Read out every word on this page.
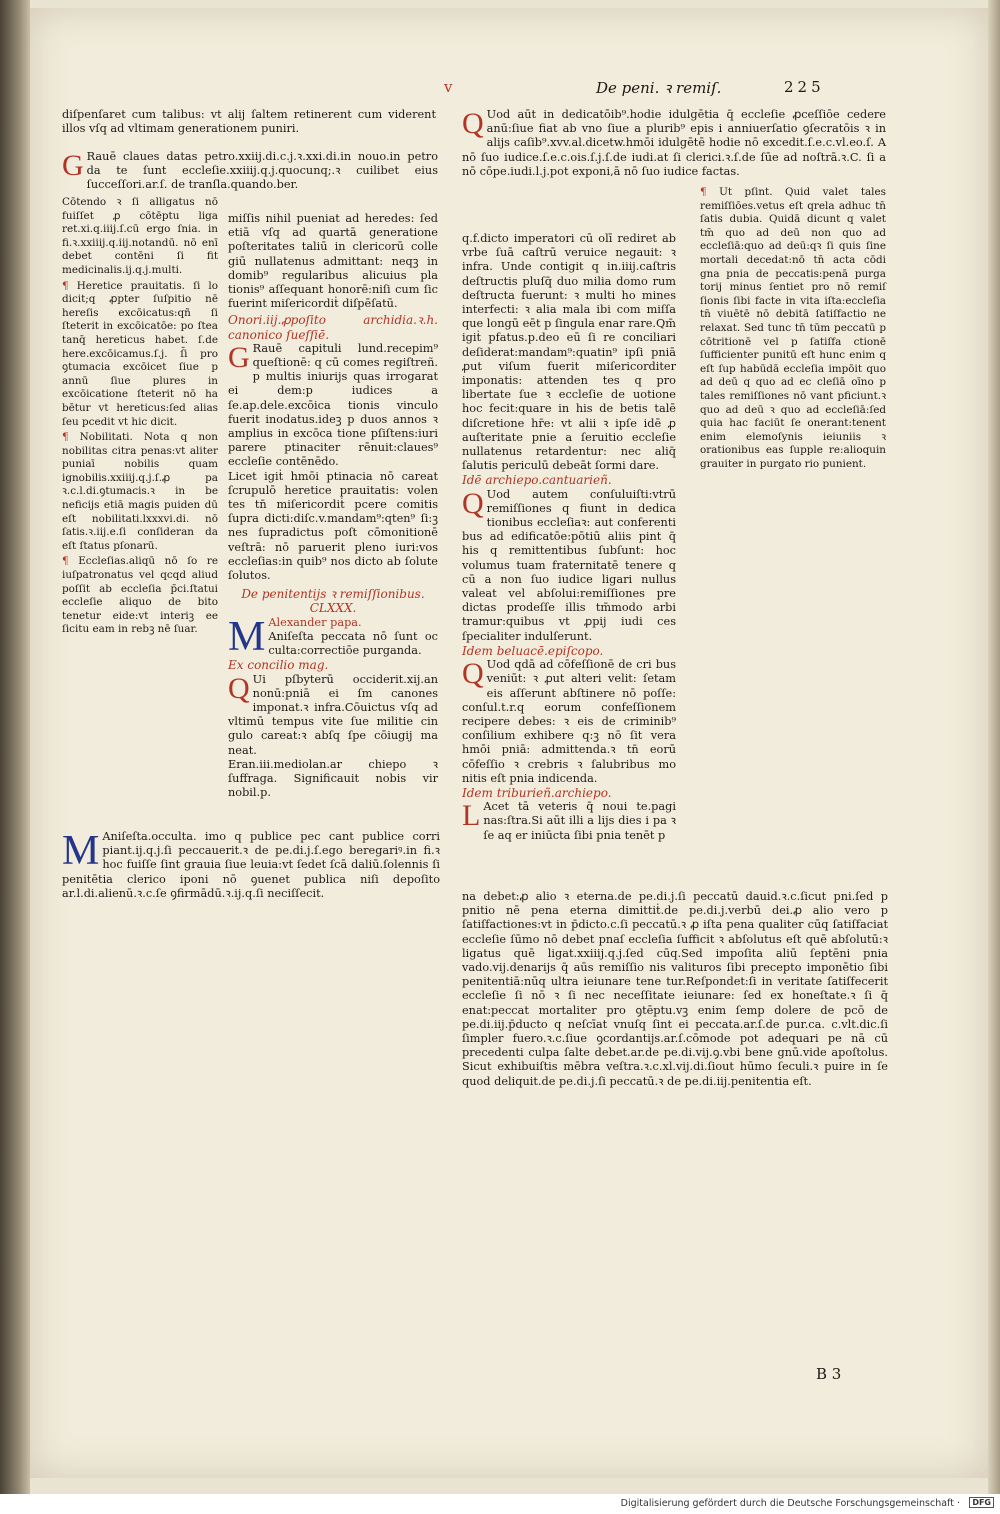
v	De peni. ꝛ remiſ.	225

diſpenſaret cum talibus: vt alij ſaltem retinerent cum viderent illos vſq ad vltimam generationem puniri.

G Rauē claues datas petro.xxiij.di.c.j.ꝛ.xxi.di.in nouo.in petro da te ſunt eccleſie.xxiiij.q.j.quocunq;.ꝛ cuilibet eius ſucceſſori.ar.ſ. de tranſla.quando.ber.

Cōtendo ꝛ ſi alligatus nō fuiſſet ꝓ cōtēptu liga ret.xi.q.iiij.ſ.cū ergo ſnia. in fi.ꝛ.xxiiij.q.iij.notandū. nō enī debet contēni ſi fit medicinalis.ij.q.j.multi.

¶ Heretice prauitatis. ſi lo dicit;q ꝓpter ſuſpitio nē hereſis excōicatus:qñ ſi ſteterit in excōicatōe: po ſtea tanq̄ hereticus habet. ſ.de here.excōicamus.ſ.j. ſ̄i pro ꝯtumacia excōicet ſiue p annū ſiue plures in excōicatione ſteterit nō ha bētur vt hereticus:ſed alias ſeu pcedit vt hic dicit.

¶ Nobilitati. Nota q non nobilitas citra penas:vt aliter puniaī nobilis quam ignobilis.xxiiij.q.j.ſ.ꝓ pa ꝛ.c.l.di.ꝯtumacis.ꝛ in be neficijs etiā magis puiden dū eſt nobilitati.lxxxvi.di. nō ſatis.ꝛ.iij.e.ſi conſideran da eſt ſtatus pſonarū.

¶ Eccleſias.aliqū nō ſo re iuſpatronatus vel qcqd aliud poſſit ab eccleſia p̄ci.ſtatui eccleſie aliquo de bito tenetur eide:vt interiꝫ ee ſicitu eam in rebꝫ nē ſuar.

miſſis nihil pueniat ad heredes: ſed etiā vſq ad quartā generatione poſteritates taliū in clericorū colle giū nullatenus admittant: neqꝫ in domib⁹ regularibus alicuius pla tionis⁹ aſſequant honorē:niſi cum ſic fuerint miſericordiṫ diſpēſatū.

Onori.iij.ꝓpoſito archidia.ꝛ.h. canonico ſueſſiē.

G Rauē capituli lund.recepim⁹ queſtionē: q cū comes regiſtreñ. p multis iniurijs quas irrogarat ei dem:p iudices a ſe.ap.dele.excōica tionis vinculo fuerit inodatus.ideꝫ p duos annos ꝛ amplius in excōca tione pſiſtens:iuri parere ptinaciter rēnuit:claues⁹ eccleſie contēnēdo.

Licet igiṫ hmōi ptinacia nō careat ſcrupulō heretice prauitatis: volen tes tn̄ miſericordiṫ pcere comitis ſupra dicti:diſc.v.mandam⁹:qten⁹ ſi:ꝫ nes ſupradictus poſt cōmonitionē veſtrā: nō paruerit pleno iuri:vos eccleſias:in quib⁹ nos dicto ab ſolute ſolutos.

De penitentijs ꝛ remiſſionibus.

CLXXX.

M Alexander papa.

Aniſeſta peccata nō ſunt oc culta:correctiōe purganda.

Ex concilio mag.

Q Ui pſbyterū occiderit.xij.an nonū:pniā ei ſm canones imponat.ꝛ infra.Cōuictus vſq ad vltimū tempus vite ſue militie cin gulo careat:ꝛ abſq ſpe cōiugij ma neat.

Eran.iii.mediolan.ar chiepo ꝛ ſuffraga. Significauit nobis vir nobil.p.

M Aniſeſta.occulta. imo q publice pec cant publice corri piant.ij.q.j.ſi peccauerit.ꝛ de pe.di.j.ſ.ego beregariꝰ.in fi.ꝛ hoc fuiſſe ſint grauia ſiue leuia:vt ſedet ſcā daliū.ſolennis ſi penitētia clerico iponi nō ꝯuenet publica niſi depoſito ar.l.di.alienū.ꝛ.c.ſe ꝯfirmādū.ꝛ.ij.q.ſi neciſſecit.

Q Uod aūt in dedicatōib⁹.hodie idulgētia q̄ eccleſie ꝓceſſiōe cedere anū:ſiue fiat ab vno ſiue a plurib⁹ epis i anniuerſatio ꝯſecratōis ꝛ in alijs caſib⁹.xvv.al.dicetw.hmōi idulgētē hodie nō excedit.ſ.e.c.vl.eo.ſ. A nō ſuo iudice.ſ.e.c.ois.ſ.j.ſ.de iudi.at ſi clerici.ꝛ.ſ.de ſūe ad noſtrā.ꝛ.C. ſi a nō cōpe.iudi.l.j.pot exponi,ā nō ſuo iudice factas.

q.f.dicto imperatori cū olī rediret ab vrbe ſuā caſtrū veruice negauit: ꝛ infra. Unde contigit q in.iiij.caſtris deſtructis pluſq̄ duo milia domo rum deſtructa fuerunt: ꝛ multi ho mines interfecti: ꝛ alia mala ibi com miſſa que longū eēt p ſingula enar rare.Qm̄ igiṫ pfatus.p.deo eū ſi re conciliari deſiderat:mandam⁹:quatin⁹ ipſi pniā ꝓut viſum fuerit miſericorditer imponatis: attenden tes q pro libertate ſue ꝛ eccleſie de uotione hoc fecit:quare in his de betis talē diſcretione hr̄e: vt alii ꝛ ipſe idē ꝓ auſteritate pnie a ſeruitio eccleſie nullatenus retardentur: nec aliq̄ ſalutis periculū debeāt ſormi dare.

Idē archiepo.cantuarieñ.

Q Uod autem conſuluiſti:vtrū remiſſiones q fiunt in dedica tionibus eccleſiaꝛ: aut conferenti bus ad edificatōe:pōtiū aliis pint q̄ his q remittentibus ſubſunt: hoc volumus tuam fraternitatē tenere q cū a non ſuo iudice ligari nullus valeat vel abſolui:remiſſiones pre dictas prodeſſe illis tm̄modo arbi tramur:quibus vt ꝓpij iudi ces ſpecialiter indulſerunt.

Idem beluacē.epiſcopo.

Q Uod qdā ad cōfeſſionē de cri bus veniūt: ꝛ ꝓut alteri velit: ſetam eis aſſerunt abſtinere nō poſſe: conſul.t.r.q eorum confeſſionem recipere debes: ꝛ eis de criminib⁹ conſilium exhibere q:ꝫ nō ſit vera hmōi pniā: admittenda.ꝛ tn̄ eorū cōfeſſio ꝛ crebris ꝛ ſalubribus mo nitis eſt pnia indicenda.

Idem triburieñ.archiepo.

L Acet tā veteris q̄ noui te.pagi nas:ſtra.Si aūt illi a lijs dies i pa ꝛ ſe aq er iniūcta ſibi pnia tenēt p

¶ Ut pſint. Quid valet tales remiſſiōes.vetus eſt qrela adhuc tn̄ ſatis dubia. Quidā dicunt q valet tm̄ quo ad deū non quo ad eccleſiā:quo ad deū:qꝛ ſi quis ſine mortali decedat:nō tn̄ acta cōdi gna pnia de peccatis:penā purga torij minus ſentiet pro nō remiſ ſionis ſibi facte in vita iſta:eccleſia tn̄ viuētē nō debitā ſatiſfactio ne relaxat. Sed tunc tn̄ tūm peccatū p cōtritionē vel p ſatiſfa ctionē ſufficienter punitū eſt hunc enim q eſt ſup habūdā eccleſia impōit quo ad deū q quo ad ec cleſiā oīno p tales remiſſiones nō vant pficiunt.ꝛ quo ad deū ꝛ quo ad eccleſiā:ſed quia hac faciūt ſe onerant:tenent enim elemoſynis ieiuniis ꝛ orationibus eas ſupple re:alioquin grauiter in purgato rio punient.

na debet:ꝓ alio ꝛ eterna.de pe.di.j.ſi peccatū dauid.ꝛ.c.ſicut pni.ſed p pnitio nē pena eterna dimittiṫ.de pe.di.j.verbū dei.ꝓ alio vero p ſatiſfactiones:vt in p̄dicto.c.ſi peccatū.ꝛ ꝓ iſta pena qualiter cūq ſatiſfaciat eccleſie ſūmo nō debet pnaſ eccleſia ſufficit ꝛ abſolutus eſt quē abſolutū:ꝛ ligatus quē ligat.xxiiij.q.j.ſed cūq.Sed impoſita aliū ſeptēni pnia vado.vij.denarijs q̄ aūs remiſſio nis valituros ſibi precepto imponētio ſibi penitentiā:nūq ultra ieiunare tene tur.Reſpondet:ſi in veritate ſatiſfecerit eccleſie ſi nō ꝛ ſi nec neceſſitate ieiunare: ſed ex honeſtate.ꝛ ſi q̄ enat:peccat mortaliter pro ꝯtēptu.vꝫ enim ſemp dolere de pcō de pe.di.iij.p̄ducto q neſcīat vnuſq ſint ei peccata.ar.ſ.de pur.ca. c.vlt.dic.ſi ſimpler fuero.ꝛ.c.ſiue ꝯcordantijs.ar.ſ.cōmode pot adequari pe nā cū precedenti culpa ſalte debet.ar.de pe.di.vij.ꝯ.vbi bene gnū.vide apoſtolus. Sicut exhibuiſtis mēbra veſtra.ꝛ.c.xl.vij.di.ſiout hūmo ſeculi.ꝛ puire in ſe quod deliquit.de pe.di.j.ſi peccatū.ꝛ de pe.di.iij.penitentia eſt.

B 3
Digitalisierung gefördert durch die Deutsche Forschungsgemeinschaft ·	DFG
